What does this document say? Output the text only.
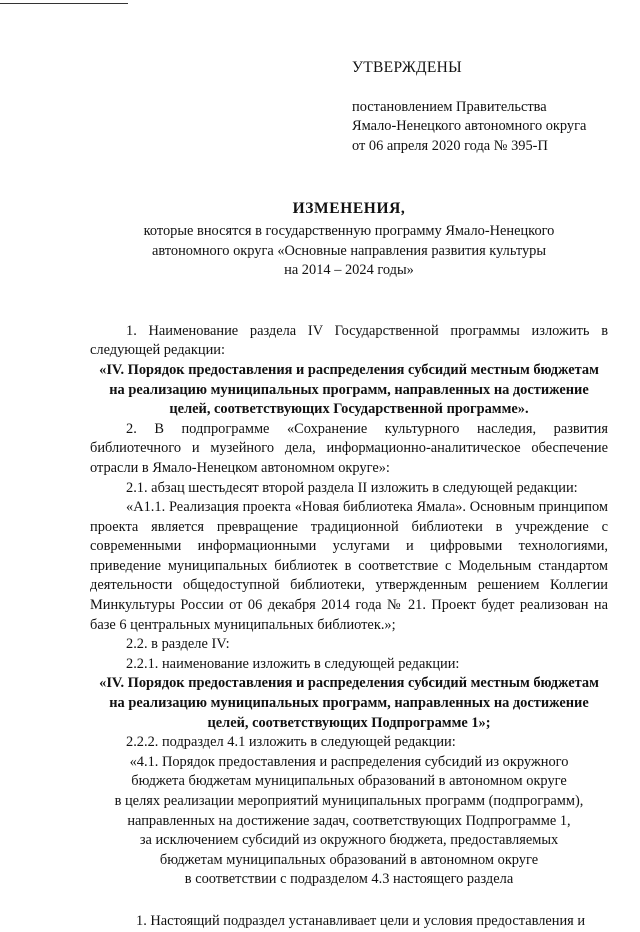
УТВЕРЖДЕНЫ
постановлением Правительства
Ямало-Ненецкого автономного округа
от 06 апреля 2020 года № 395-П
ИЗМЕНЕНИЯ,
которые вносятся в государственную программу Ямало-Ненецкого
автономного округа «Основные направления развития культуры
на 2014 – 2024 годы»

1. Наименование раздела IV Государственной программы изложить в следующей редакции:

«IV. Порядок предоставления и распределения субсидий местным бюджетам на реализацию муниципальных программ, направленных на достижение целей, соответствующих Государственной программе».

2. В подпрограмме «Сохранение культурного наследия, развития библиотечного и музейного дела, информационно-аналитическое обеспечение отрасли в Ямало-Ненецком автономном округе»:

2.1. абзац шестьдесят второй раздела II изложить в следующей редакции:

«А1.1. Реализация проекта «Новая библиотека Ямала». Основным принципом проекта является превращение традиционной библиотеки в учреждение с современными информационными услугами и цифровыми технологиями, приведение муниципальных библиотек в соответствие с Модельным стандартом деятельности общедоступной библиотеки, утвержденным решением Коллегии Минкультуры России от 06 декабря 2014 года № 21. Проект будет реализован на базе 6 центральных муниципальных библиотек.»;

2.2. в разделе IV:

2.2.1. наименование изложить в следующей редакции:

«IV. Порядок предоставления и распределения субсидий местным бюджетам на реализацию муниципальных программ, направленных на достижение целей, соответствующих Подпрограмме 1»;

2.2.2. подраздел 4.1 изложить в следующей редакции:

«4.1. Порядок предоставления и распределения субсидий из окружного

бюджета бюджетам муниципальных образований в автономном округе

в целях реализации мероприятий муниципальных программ (подпрограмм),

направленных на достижение задач, соответствующих Подпрограмме 1,

за исключением субсидий из окружного бюджета, предоставляемых

бюджетам муниципальных образований в автономном округе

в соответствии с подразделом 4.3 настоящего раздела

1. Настоящий подраздел устанавливает цели и условия предоставления и
